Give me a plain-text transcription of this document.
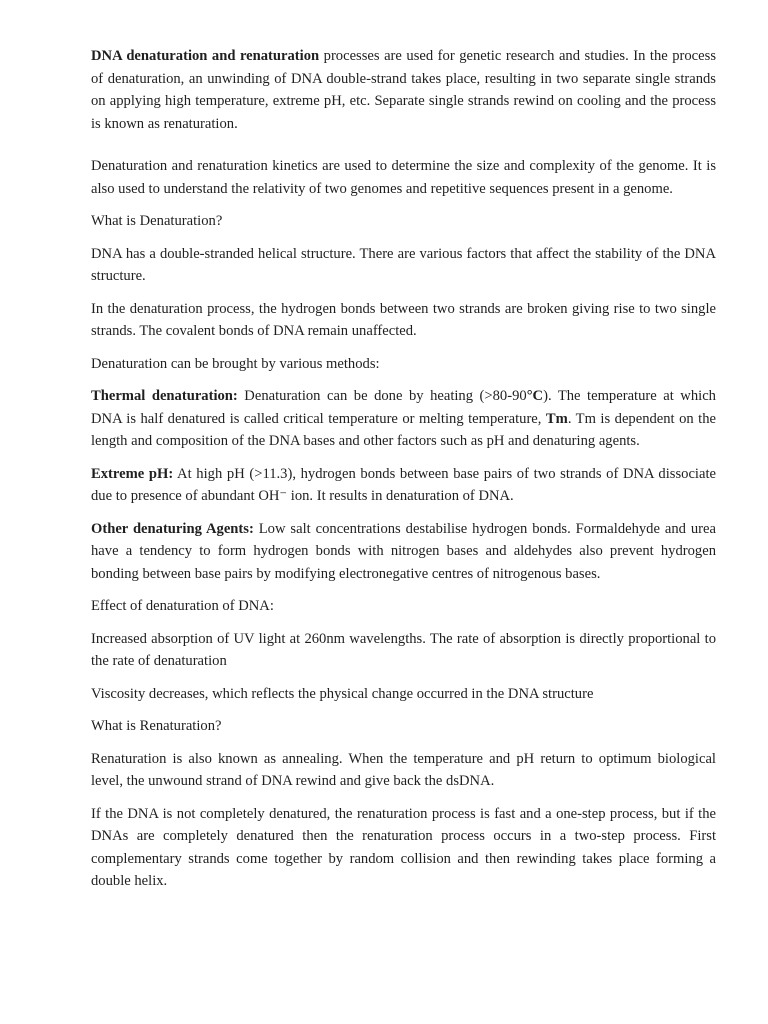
DNA denaturation and renaturation processes are used for genetic research and studies. In the process of denaturation, an unwinding of DNA double-strand takes place, resulting in two separate single strands on applying high temperature, extreme pH, etc. Separate single strands rewind on cooling and the process is known as renaturation.

Denaturation and renaturation kinetics are used to determine the size and complexity of the genome. It is also used to understand the relativity of two genomes and repetitive sequences present in a genome.

What is Denaturation?

DNA has a double-stranded helical structure. There are various factors that affect the stability of the DNA structure.

In the denaturation process, the hydrogen bonds between two strands are broken giving rise to two single strands. The covalent bonds of DNA remain unaffected.

Denaturation can be brought by various methods:

Thermal denaturation: Denaturation can be done by heating (>80-90°C). The temperature at which DNA is half denatured is called critical temperature or melting temperature, Tm. Tm is dependent on the length and composition of the DNA bases and other factors such as pH and denaturing agents.

Extreme pH: At high pH (>11.3), hydrogen bonds between base pairs of two strands of DNA dissociate due to presence of abundant OH⁻ ion. It results in denaturation of DNA.

Other denaturing Agents: Low salt concentrations destabilise hydrogen bonds. Formaldehyde and urea have a tendency to form hydrogen bonds with nitrogen bases and aldehydes also prevent hydrogen bonding between base pairs by modifying electronegative centres of nitrogenous bases.

Effect of denaturation of DNA:

Increased absorption of UV light at 260nm wavelengths. The rate of absorption is directly proportional to the rate of denaturation

Viscosity decreases, which reflects the physical change occurred in the DNA structure

What is Renaturation?

Renaturation is also known as annealing. When the temperature and pH return to optimum biological level, the unwound strand of DNA rewind and give back the dsDNA.

If the DNA is not completely denatured, the renaturation process is fast and a one-step process, but if the DNAs are completely denatured then the renaturation process occurs in a two-step process. First complementary strands come together by random collision and then rewinding takes place forming a double helix.
